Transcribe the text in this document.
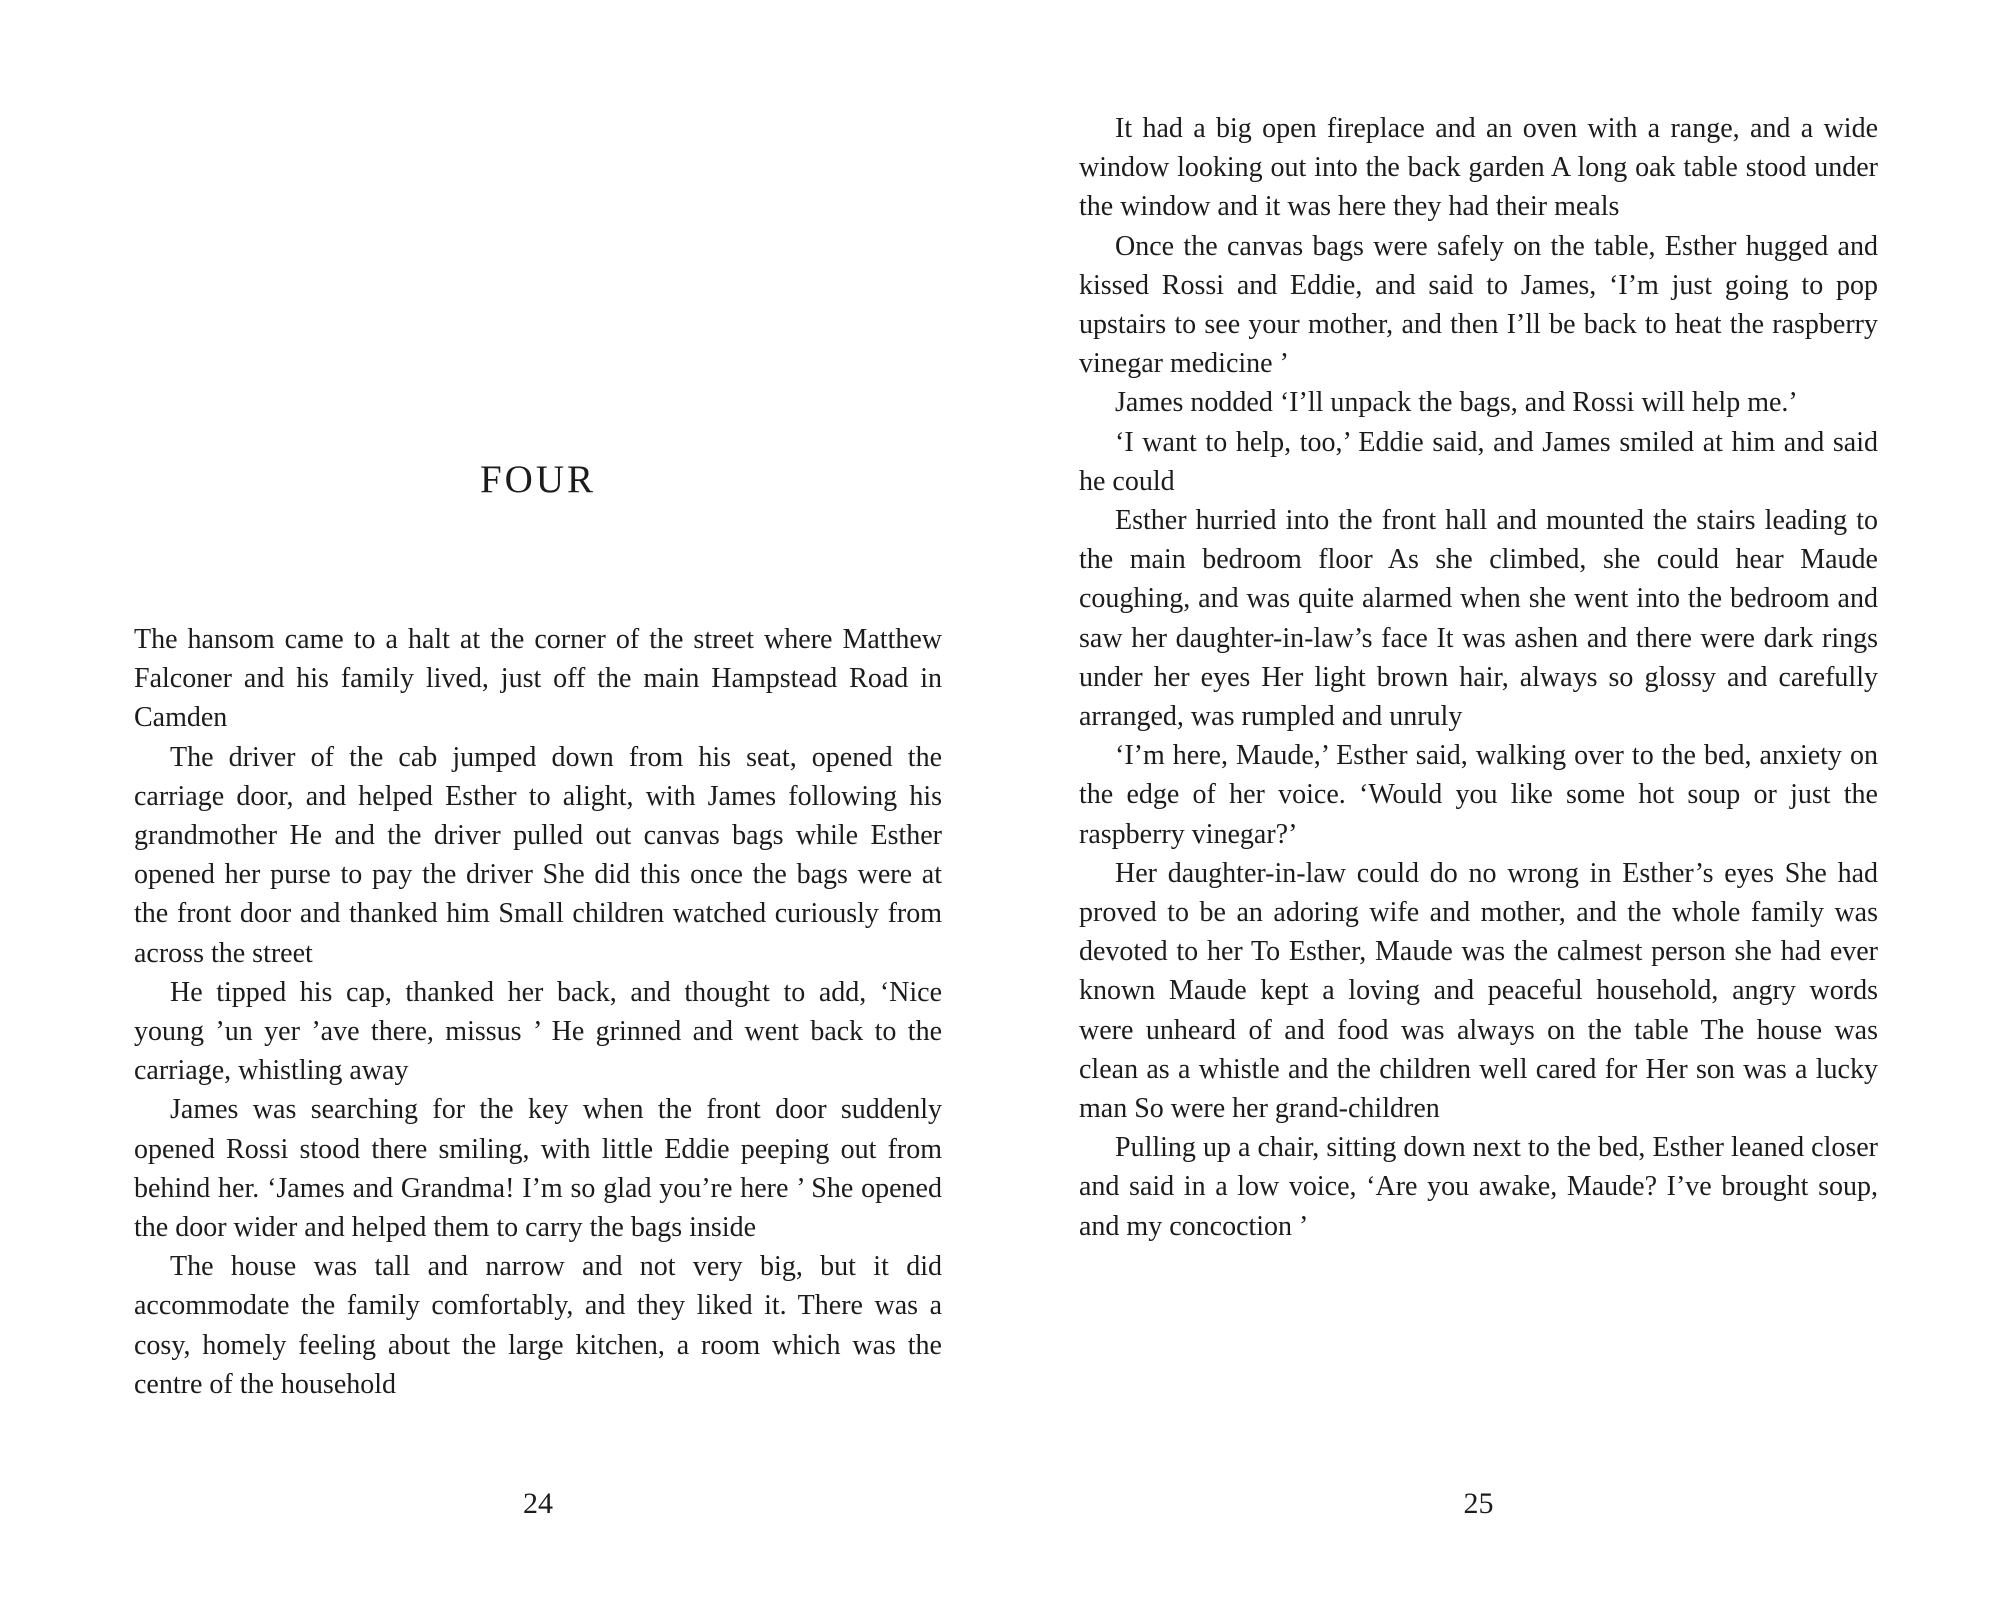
FOUR

The hansom came to a halt at the corner of the street where Matthew Falconer and his family lived, just off the main Hampstead Road in Camden

The driver of the cab jumped down from his seat, opened the carriage door, and helped Esther to alight, with James following his grandmother He and the driver pulled out canvas bags while Esther opened her purse to pay the driver She did this once the bags were at the front door and thanked him Small children watched curiously from across the street

He tipped his cap, thanked her back, and thought to add, ‘Nice young ’un yer ’ave there, missus ’ He grinned and went back to the carriage, whistling away

James was searching for the key when the front door suddenly opened Rossi stood there smiling, with little Eddie peeping out from behind her. ‘James and Grandma! I’m so glad you’re here ’ She opened the door wider and helped them to carry the bags inside

The house was tall and narrow and not very big, but it did accommodate the family comfortably, and they liked it. There was a cosy, homely feeling about the large kitchen, a room which was the centre of the household

24

It had a big open fireplace and an oven with a range, and a wide window looking out into the back garden A long oak table stood under the window and it was here they had their meals

Once the canvas bags were safely on the table, Esther hugged and kissed Rossi and Eddie, and said to James, ‘I’m just going to pop upstairs to see your mother, and then I’ll be back to heat the raspberry vinegar medicine ’

James nodded ‘I’ll unpack the bags, and Rossi will help me.’

‘I want to help, too,’ Eddie said, and James smiled at him and said he could

Esther hurried into the front hall and mounted the stairs leading to the main bedroom floor As she climbed, she could hear Maude coughing, and was quite alarmed when she went into the bedroom and saw her daughter-in-law’s face It was ashen and there were dark rings under her eyes Her light brown hair, always so glossy and carefully arranged, was rumpled and unruly

‘I’m here, Maude,’ Esther said, walking over to the bed, anxiety on the edge of her voice. ‘Would you like some hot soup or just the raspberry vinegar?’

Her daughter-in-law could do no wrong in Esther’s eyes She had proved to be an adoring wife and mother, and the whole family was devoted to her To Esther, Maude was the calmest person she had ever known Maude kept a loving and peaceful household, angry words were unheard of and food was always on the table The house was clean as a whistle and the children well cared for Her son was a lucky man So were her grand-children

Pulling up a chair, sitting down next to the bed, Esther leaned closer and said in a low voice, ‘Are you awake, Maude? I’ve brought soup, and my concoction ’

25
